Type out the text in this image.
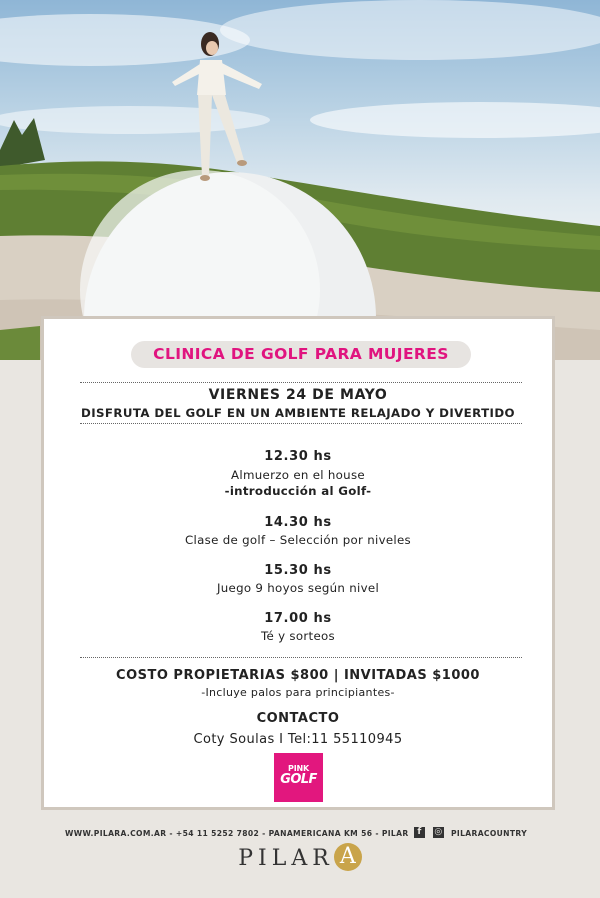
CLINICA DE GOLF PARA MUJERES
VIERNES 24 DE MAYO
DISFRUTA DEL GOLF EN UN AMBIENTE RELAJADO Y DIVERTIDO
12.30 hs
Almuerzo en el house
-introducción al Golf-
14.30 hs
Clase de golf – Selección por niveles
15.30 hs
Juego 9 hoyos según nivel
17.00 hs
Té y sorteos
COSTO PROPIETARIAS $800 | INVITADAS $1000
-Incluye palos para principiantes-
CONTACTO
Coty Soulas I Tel:11 55110945
PINK
GOLF
WWW.PILARA.COM.AR - +54 11 5252 7802 - PANAMERICANA KM 56 - PILAR f	◎ PILARACOUNTRY
PILAR A
